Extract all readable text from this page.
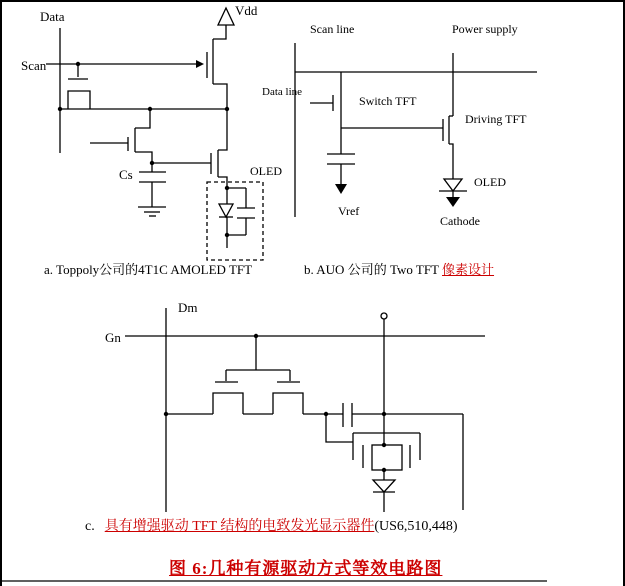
Data
Scan
Vdd
Cs	OLED
a. Toppoly公司的4T1C AMOLED TFT
Scan line	Power supply
Data line
Switch TFT
Driving TFT
Vref
OLED
Cathode
b. AUO 公司的 Two TFT 像素设计
Dm
Gn
c. 具有增强驱动 TFT 结构的电致发光显示器件(US6,510,448)
图 6:几种有源驱动方式等效电路图
